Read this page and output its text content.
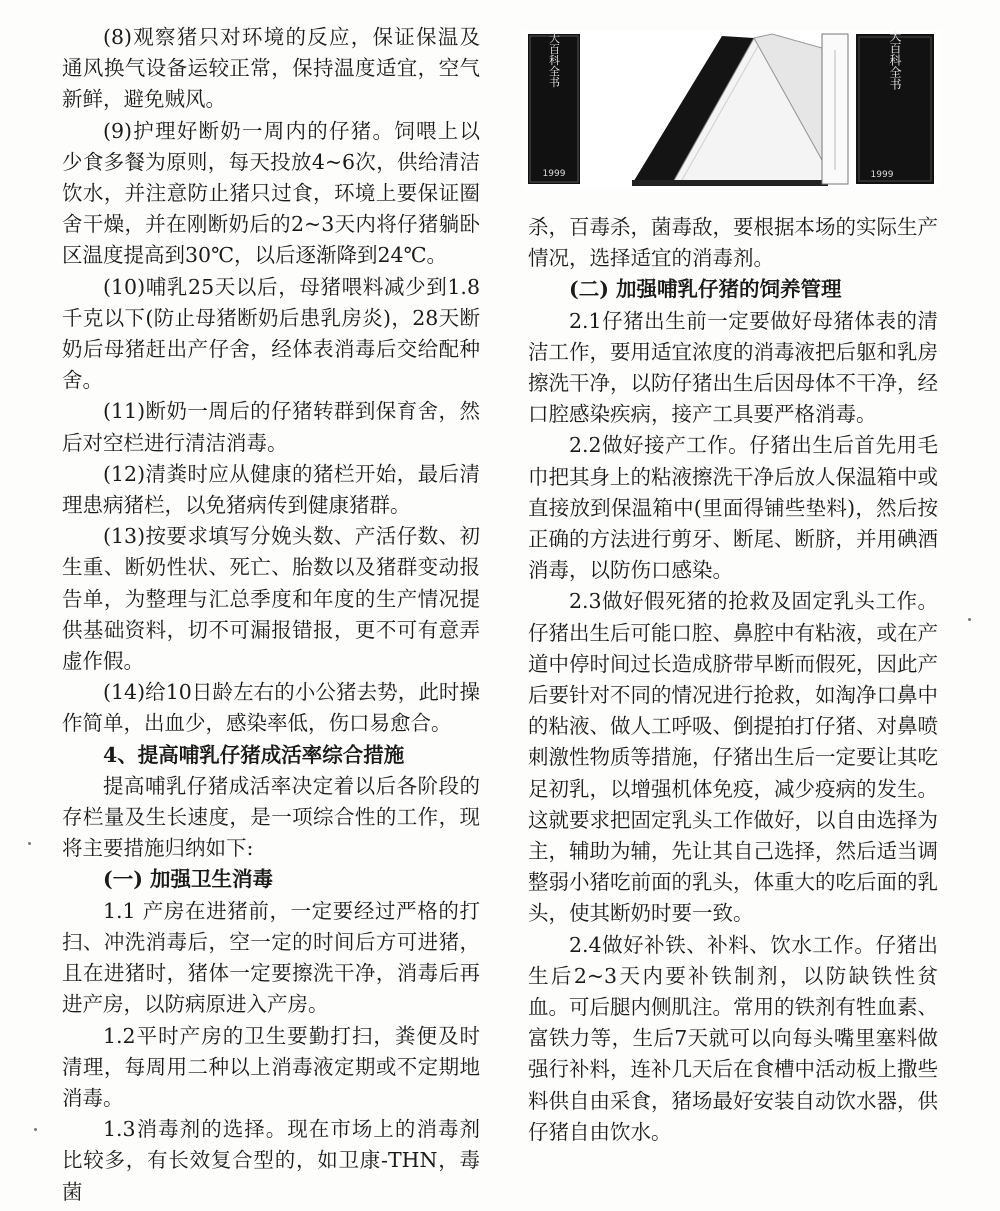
(8)观察猪只对环境的反应，保证保温及通风换气设备运较正常，保持温度适宜，空气新鲜，避免贼风。

(9)护理好断奶一周内的仔猪。饲喂上以少食多餐为原则，每天投放4~6次，供给清洁饮水，并注意防止猪只过食，环境上要保证圈舍干燥，并在刚断奶后的2~3天内将仔猪躺卧区温度提高到30℃，以后逐渐降到24℃。

(10)哺乳25天以后，母猪喂料减少到1.8千克以下(防止母猪断奶后患乳房炎)，28天断奶后母猪赶出产仔舍，经体表消毒后交给配种舍。

(11)断奶一周后的仔猪转群到保育舍，然后对空栏进行清洁消毒。

(12)清粪时应从健康的猪栏开始，最后清理患病猪栏，以免猪病传到健康猪群。

(13)按要求填写分娩头数、产活仔数、初生重、断奶性状、死亡、胎数以及猪群变动报告单，为整理与汇总季度和年度的生产情况提供基础资料，切不可漏报错报，更不可有意弄虚作假。

(14)给10日龄左右的小公猪去势，此时操作简单，出血少，感染率低，伤口易愈合。

4、提高哺乳仔猪成活率综合措施

提高哺乳仔猪成活率决定着以后各阶段的存栏量及生长速度，是一项综合性的工作，现将主要措施归纳如下:

(一) 加强卫生消毒

1.1 产房在进猪前，一定要经过严格的打扫、冲洗消毒后，空一定的时间后方可进猪，且在进猪时，猪体一定要擦洗干净，消毒后再进产房，以防病原进入产房。

1.2平时产房的卫生要勤打扫，粪便及时清理，每周用二种以上消毒液定期或不定期地消毒。

1.3消毒剂的选择。现在市场上的消毒剂比较多，有长效复合型的，如卫康-THN，毒菌

大百科全书
1999
大百科全书
1999

杀，百毒杀，菌毒敌，要根据本场的实际生产情况，选择适宜的消毒剂。

(二) 加强哺乳仔猪的饲养管理

2.1仔猪出生前一定要做好母猪体表的清洁工作，要用适宜浓度的消毒液把后躯和乳房擦洗干净，以防仔猪出生后因母体不干净，经口腔感染疾病，接产工具要严格消毒。

2.2做好接产工作。仔猪出生后首先用毛巾把其身上的粘液擦洗干净后放人保温箱中或直接放到保温箱中(里面得铺些垫料)，然后按正确的方法进行剪牙、断尾、断脐，并用碘酒消毒，以防伤口感染。

2.3做好假死猪的抢救及固定乳头工作。仔猪出生后可能口腔、鼻腔中有粘液，或在产道中停时间过长造成脐带早断而假死，因此产后要针对不同的情况进行抢救，如淘净口鼻中的粘液、做人工呼吸、倒提拍打仔猪、对鼻喷刺激性物质等措施，仔猪出生后一定要让其吃足初乳，以增强机体免疫，减少疫病的发生。这就要求把固定乳头工作做好，以自由选择为主，辅助为辅，先让其自己选择，然后适当调整弱小猪吃前面的乳头，体重大的吃后面的乳头，使其断奶时要一致。

2.4做好补铁、补料、饮水工作。仔猪出生后2~3天内要补铁制剂，以防缺铁性贫血。可后腿内侧肌注。常用的铁剂有牲血素、富铁力等，生后7天就可以向每头嘴里塞料做强行补料，连补几天后在食槽中活动板上撒些料供自由采食，猪场最好安装自动饮水器，供仔猪自由饮水。
